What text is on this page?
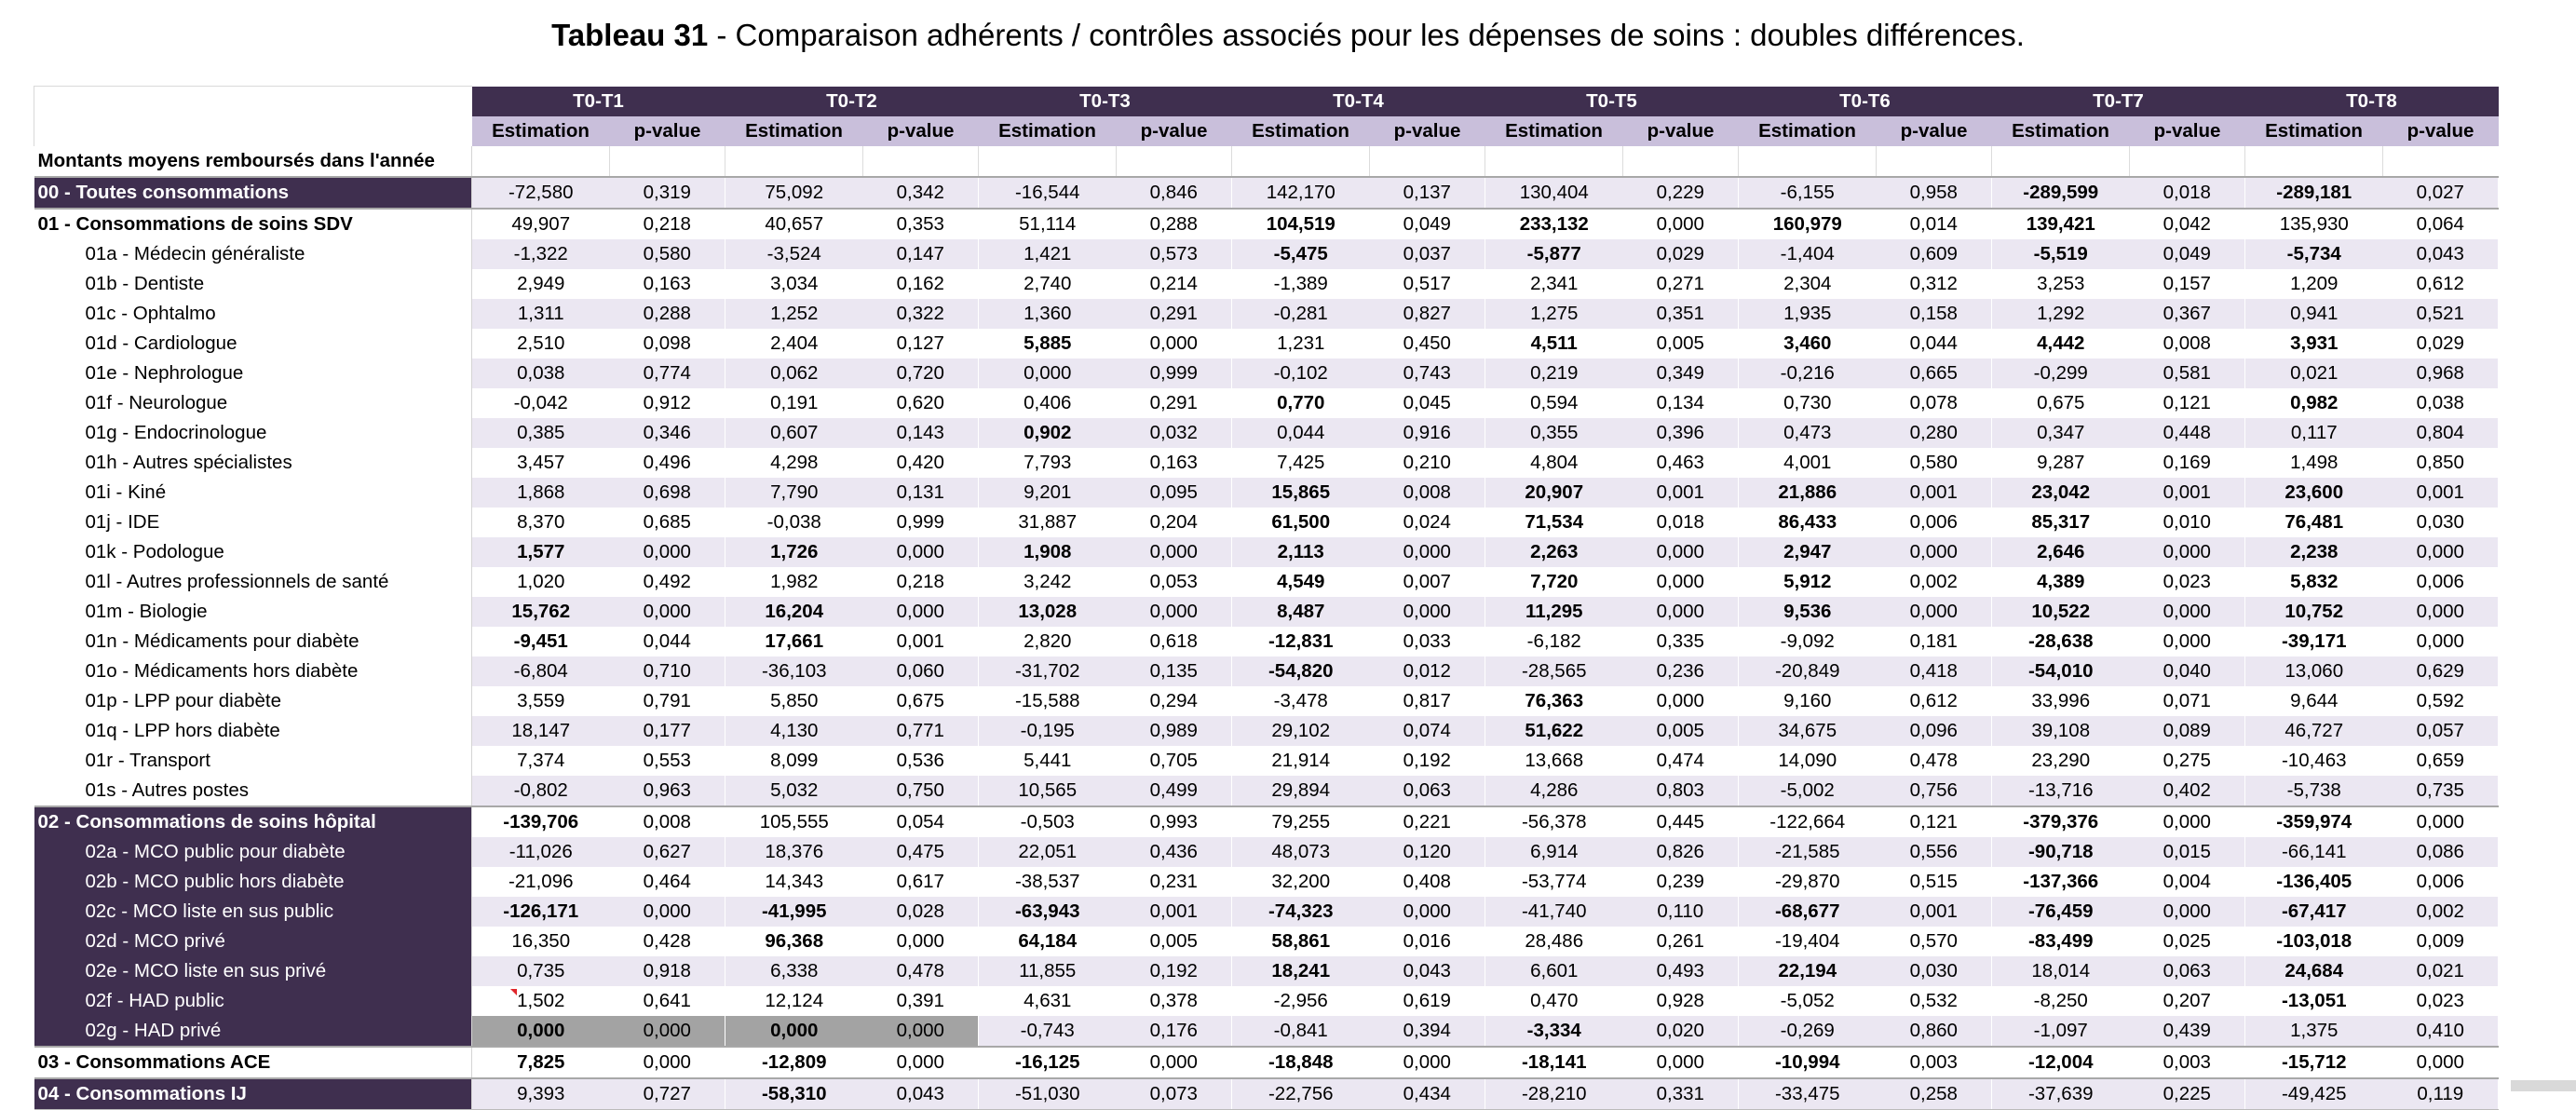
Tableau 31 - Comparaison adhérents / contrôles associés pour les dépenses de soins : doubles différences.
	T0-T1		T0-T2		T0-T3		T0-T4		T0-T5		T0-T6		T0-T7		T0-T8	
	Estimation	p-value	Estimation	p-value	Estimation	p-value	Estimation	p-value	Estimation	p-value	Estimation	p-value	Estimation	p-value	Estimation	p-value
Montants moyens remboursés dans l'année																
00 - Toutes consommations	-72,580	0,319	75,092	0,342	-16,544	0,846	142,170	0,137	130,404	0,229	-6,155	0,958	-289,599	0,018	-289,181	0,027
01 - Consommations de soins SDV	49,907	0,218	40,657	0,353	51,114	0,288	104,519	0,049	233,132	0,000	160,979	0,014	139,421	0,042	135,930	0,064
01a - Médecin généraliste	-1,322	0,580	-3,524	0,147	1,421	0,573	-5,475	0,037	-5,877	0,029	-1,404	0,609	-5,519	0,049	-5,734	0,043
01b - Dentiste	2,949	0,163	3,034	0,162	2,740	0,214	-1,389	0,517	2,341	0,271	2,304	0,312	3,253	0,157	1,209	0,612
01c - Ophtalmo	1,311	0,288	1,252	0,322	1,360	0,291	-0,281	0,827	1,275	0,351	1,935	0,158	1,292	0,367	0,941	0,521
01d - Cardiologue	2,510	0,098	2,404	0,127	5,885	0,000	1,231	0,450	4,511	0,005	3,460	0,044	4,442	0,008	3,931	0,029
01e - Nephrologue	0,038	0,774	0,062	0,720	0,000	0,999	-0,102	0,743	0,219	0,349	-0,216	0,665	-0,299	0,581	0,021	0,968
01f - Neurologue	-0,042	0,912	0,191	0,620	0,406	0,291	0,770	0,045	0,594	0,134	0,730	0,078	0,675	0,121	0,982	0,038
01g - Endocrinologue	0,385	0,346	0,607	0,143	0,902	0,032	0,044	0,916	0,355	0,396	0,473	0,280	0,347	0,448	0,117	0,804
01h - Autres spécialistes	3,457	0,496	4,298	0,420	7,793	0,163	7,425	0,210	4,804	0,463	4,001	0,580	9,287	0,169	1,498	0,850
01i - Kiné	1,868	0,698	7,790	0,131	9,201	0,095	15,865	0,008	20,907	0,001	21,886	0,001	23,042	0,001	23,600	0,001
01j - IDE	8,370	0,685	-0,038	0,999	31,887	0,204	61,500	0,024	71,534	0,018	86,433	0,006	85,317	0,010	76,481	0,030
01k - Podologue	1,577	0,000	1,726	0,000	1,908	0,000	2,113	0,000	2,263	0,000	2,947	0,000	2,646	0,000	2,238	0,000
01l - Autres professionnels de santé	1,020	0,492	1,982	0,218	3,242	0,053	4,549	0,007	7,720	0,000	5,912	0,002	4,389	0,023	5,832	0,006
01m - Biologie	15,762	0,000	16,204	0,000	13,028	0,000	8,487	0,000	11,295	0,000	9,536	0,000	10,522	0,000	10,752	0,000
01n - Médicaments pour diabète	-9,451	0,044	17,661	0,001	2,820	0,618	-12,831	0,033	-6,182	0,335	-9,092	0,181	-28,638	0,000	-39,171	0,000
01o - Médicaments hors diabète	-6,804	0,710	-36,103	0,060	-31,702	0,135	-54,820	0,012	-28,565	0,236	-20,849	0,418	-54,010	0,040	13,060	0,629
01p - LPP pour diabète	3,559	0,791	5,850	0,675	-15,588	0,294	-3,478	0,817	76,363	0,000	9,160	0,612	33,996	0,071	9,644	0,592
01q - LPP hors diabète	18,147	0,177	4,130	0,771	-0,195	0,989	29,102	0,074	51,622	0,005	34,675	0,096	39,108	0,089	46,727	0,057
01r - Transport	7,374	0,553	8,099	0,536	5,441	0,705	21,914	0,192	13,668	0,474	14,090	0,478	23,290	0,275	-10,463	0,659
01s - Autres postes	-0,802	0,963	5,032	0,750	10,565	0,499	29,894	0,063	4,286	0,803	-5,002	0,756	-13,716	0,402	-5,738	0,735
02 - Consommations de soins hôpital	-139,706	0,008	105,555	0,054	-0,503	0,993	79,255	0,221	-56,378	0,445	-122,664	0,121	-379,376	0,000	-359,974	0,000
02a - MCO public pour diabète	-11,026	0,627	18,376	0,475	22,051	0,436	48,073	0,120	6,914	0,826	-21,585	0,556	-90,718	0,015	-66,141	0,086
02b - MCO public hors diabète	-21,096	0,464	14,343	0,617	-38,537	0,231	32,200	0,408	-53,774	0,239	-29,870	0,515	-137,366	0,004	-136,405	0,006
02c - MCO liste en sus public	-126,171	0,000	-41,995	0,028	-63,943	0,001	-74,323	0,000	-41,740	0,110	-68,677	0,001	-76,459	0,000	-67,417	0,002
02d - MCO privé	16,350	0,428	96,368	0,000	64,184	0,005	58,861	0,016	28,486	0,261	-19,404	0,570	-83,499	0,025	-103,018	0,009
02e - MCO liste en sus privé	0,735	0,918	6,338	0,478	11,855	0,192	18,241	0,043	6,601	0,493	22,194	0,030	18,014	0,063	24,684	0,021
02f - HAD public	1,502	0,641	12,124	0,391	4,631	0,378	-2,956	0,619	0,470	0,928	-5,052	0,532	-8,250	0,207	-13,051	0,023
02g - HAD privé	0,000	0,000	0,000	0,000	-0,743	0,176	-0,841	0,394	-3,334	0,020	-0,269	0,860	-1,097	0,439	1,375	0,410
03 - Consommations ACE	7,825	0,000	-12,809	0,000	-16,125	0,000	-18,848	0,000	-18,141	0,000	-10,994	0,003	-12,004	0,003	-15,712	0,000
04 - Consommations IJ	9,393	0,727	-58,310	0,043	-51,030	0,073	-22,756	0,434	-28,210	0,331	-33,475	0,258	-37,639	0,225	-49,425	0,119
